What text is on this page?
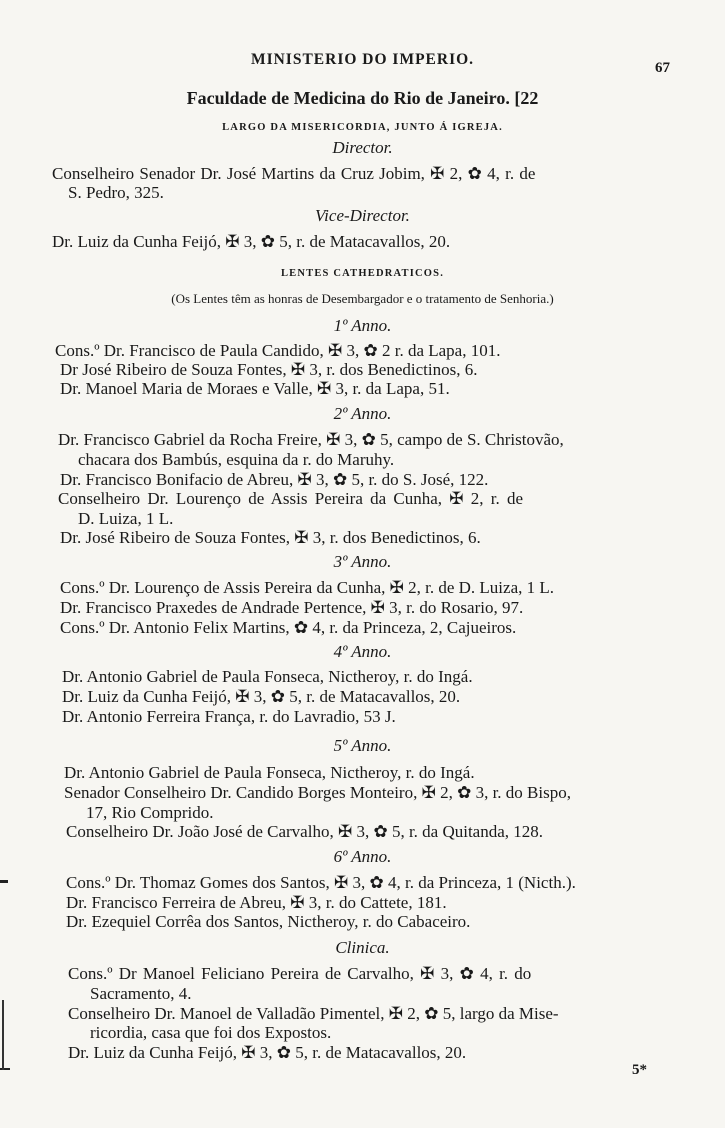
MINISTERIO DO IMPERIO.	67
Faculdade de Medicina do Rio de Janeiro. [22
LARGO DA MISERICORDIA, JUNTO Á IGREJA.
Director.
Conselheiro Senador Dr. José Martins da Cruz Jobim, ✠ 2, ✿ 4, r. de
S. Pedro, 325.
Vice-Director.
Dr. Luiz da Cunha Feijó, ✠ 3, ✿ 5, r. de Matacavallos, 20.
LENTES CATHEDRATICOS.
(Os Lentes têm as honras de Desembargador e o tratamento de Senhoria.)
1º Anno.
Cons.º Dr. Francisco de Paula Candido, ✠ 3, ✿ 2 r. da Lapa, 101.
Dr José Ribeiro de Souza Fontes, ✠ 3, r. dos Benedictinos, 6.
Dr. Manoel Maria de Moraes e Valle, ✠ 3, r. da Lapa, 51.
2º Anno.
Dr. Francisco Gabriel da Rocha Freire, ✠ 3, ✿ 5, campo de S. Christovão,
chacara dos Bambús, esquina da r. do Maruhy.
Dr. Francisco Bonifacio de Abreu, ✠ 3, ✿ 5, r. do S. José, 122.
Conselheiro Dr. Lourenço de Assis Pereira da Cunha, ✠ 2, r. de
D. Luiza, 1 L.
Dr. José Ribeiro de Souza Fontes, ✠ 3, r. dos Benedictinos, 6.
3º Anno.
Cons.º Dr. Lourenço de Assis Pereira da Cunha, ✠ 2, r. de D. Luiza, 1 L.
Dr. Francisco Praxedes de Andrade Pertence, ✠ 3, r. do Rosario, 97.
Cons.º Dr. Antonio Felix Martins, ✿ 4, r. da Princeza, 2, Cajueiros.
4º Anno.
Dr. Antonio Gabriel de Paula Fonseca, Nictheroy, r. do Ingá.
Dr. Luiz da Cunha Feijó, ✠ 3, ✿ 5, r. de Matacavallos, 20.
Dr. Antonio Ferreira França, r. do Lavradio, 53 J.
5º Anno.
Dr. Antonio Gabriel de Paula Fonseca, Nictheroy, r. do Ingá.
Senador Conselheiro Dr. Candido Borges Monteiro, ✠ 2, ✿ 3, r. do Bispo,
17, Rio Comprido.
Conselheiro Dr. João José de Carvalho, ✠ 3, ✿ 5, r. da Quitanda, 128.
6º Anno.
Cons.º Dr. Thomaz Gomes dos Santos, ✠ 3, ✿ 4, r. da Princeza, 1 (Nicth.).
Dr. Francisco Ferreira de Abreu, ✠ 3, r. do Cattete, 181.
Dr. Ezequiel Corrêa dos Santos, Nictheroy, r. do Cabaceiro.
Clinica.
Cons.º Dr Manoel Feliciano Pereira de Carvalho, ✠ 3, ✿ 4, r. do
Sacramento, 4.
Conselheiro Dr. Manoel de Valladão Pimentel, ✠ 2, ✿ 5, largo da Mise-
ricordia, casa que foi dos Expostos.
Dr. Luiz da Cunha Feijó, ✠ 3, ✿ 5, r. de Matacavallos, 20.
5*
